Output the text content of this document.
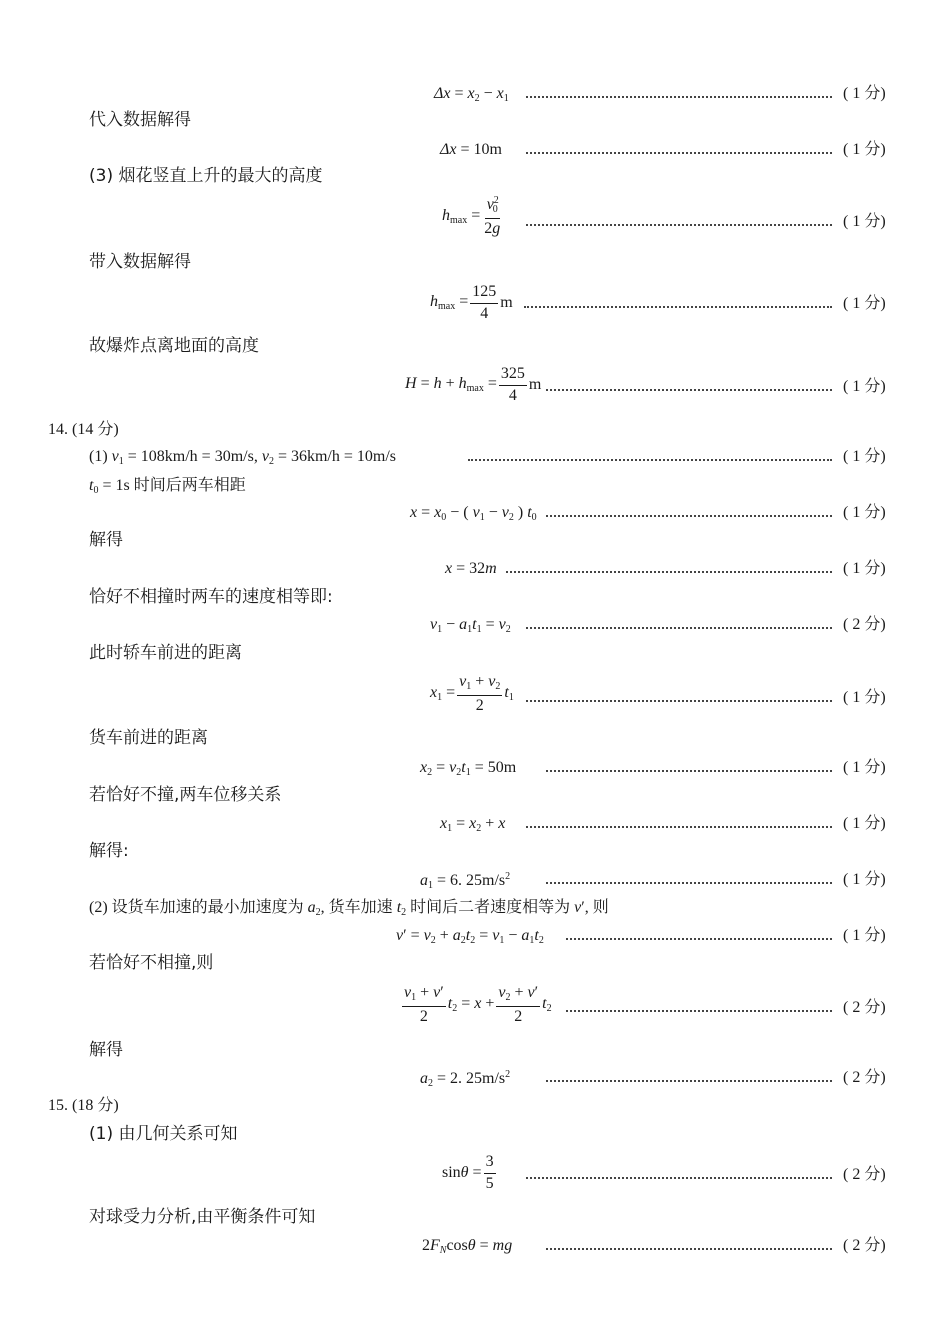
$\Delta x = x_2 - x_1$	( 1 分)
代入数据解得
Δx = 10m	( 1 分)
(3) 烟花竖直上升的最大的高度
$h_{max} = \frac{v^2_0}{2g}$	( 1 分)
带入数据解得
$h_{max} = \frac{125}{4}$ m	( 1 分)
故爆炸点离地面的高度
$H = h + h_{max} = \frac{325}{4}$ m	( 1 分)
14. (14 分)
(1) $v_1 = 108km/h = 30m/s$, $v_2 = 36km/h = 10m/s$	( 1 分)
$t_0 = 1s$ 时间后两车相距
$x = x_0$ − ( $v_1 - v_2$ ) $t_0$	( 1 分)
解得
x = 32m	( 1 分)
恰好不相撞时两车的速度相等即:
$v_1 - a_1t_1 = v_2$	( 2 分)
此时轿车前进的距离
$x_1 = \frac{v_1 + v_2}{2} t_1$	( 1 分)
货车前进的距离
$x_2 = v_2t_1 = 50m$	( 1 分)
若恰好不撞,两车位移关系
$x_1 = x_2 + x$	( 1 分)
解得:
$a_1 = 6$. $25m/s^2$	( 1 分)
(2) 设货车加速的最小加速度为 $a_2$, 货车加速 $t_2$ 时间后二者速度相等为 v′, 则
$v' = v_2 + a_2t_2 = v_1 - a_1t_2$	( 1 分)
若恰好不相撞,则
$\frac{v_1 + v'}{2} t_2 = x + \frac{v_2 + v'}{2} t_2$	( 2 分)
解得
$a_2 = 2$. $25m/s^2$	( 2 分)
15. (18 分)
(1) 由几何关系可知
$\sin\theta = \frac{3}{5}$	( 2 分)
对球受力分析,由平衡条件可知
$2F_N\cos\theta$ = mg	( 2 分)
